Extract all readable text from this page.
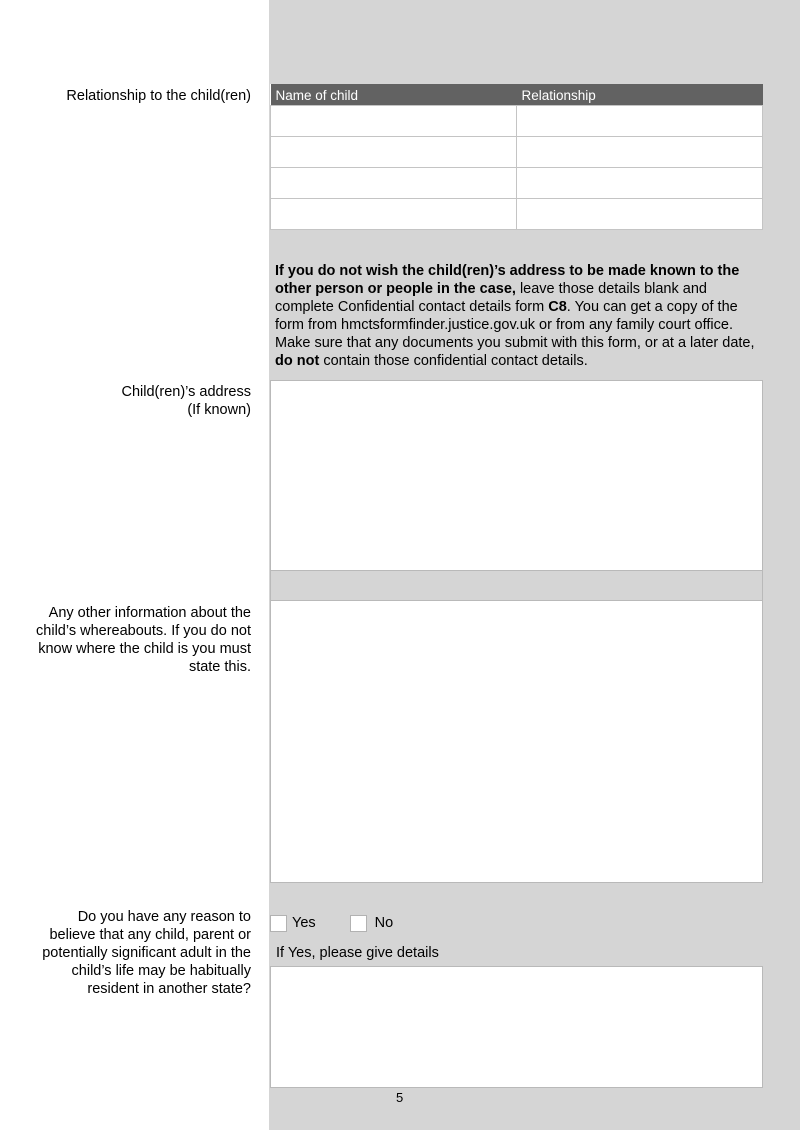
Relationship to the child(ren) Name of child	Relationship

If you do not wish the child(ren)’s address to be made known to the other person or people in the case, leave those details blank and complete Confidential contact details form C8. You can get a copy of the form from hmctsformfinder.justice.gov.uk or from any family court office. Make sure that any documents you submit with this form, or at a later date, do not contain those confidential contact details.
Child(ren)’s address
(If known)
Any other information about the child’s whereabouts. If you do not know where the child is you must state this.
Do you have any reason to believe that any child, parent or potentially significant adult in the child’s life may be habitually resident in another state?
Yes	No
If Yes, please give details
5
